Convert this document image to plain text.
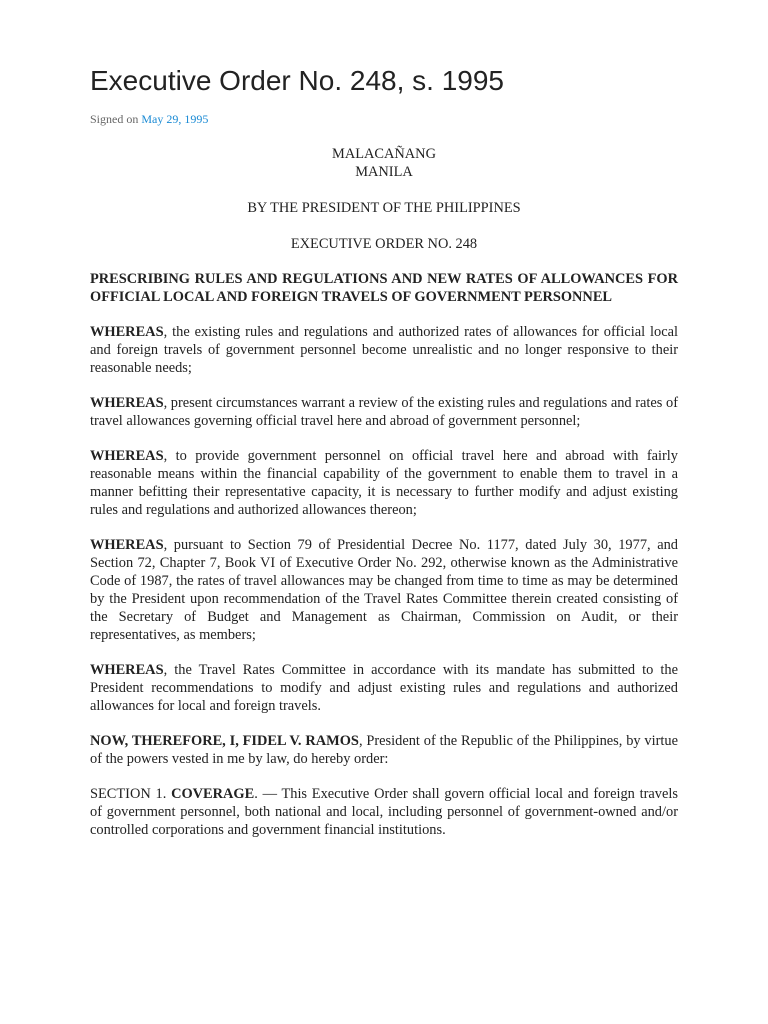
Executive Order No. 248, s. 1995
Signed on May 29, 1995
MALACAÑANG
MANILA
BY THE PRESIDENT OF THE PHILIPPINES
EXECUTIVE ORDER NO. 248

PRESCRIBING RULES AND REGULATIONS AND NEW RATES OF ALLOWANCES FOR OFFICIAL LOCAL AND FOREIGN TRAVELS OF GOVERNMENT PERSONNEL

WHEREAS, the existing rules and regulations and authorized rates of allowances for official local and foreign travels of government personnel become unrealistic and no longer responsive to their reasonable needs;

WHEREAS, present circumstances warrant a review of the existing rules and regulations and rates of travel allowances governing official travel here and abroad of government personnel;

WHEREAS, to provide government personnel on official travel here and abroad with fairly reasonable means within the financial capability of the government to enable them to travel in a manner befitting their representative capacity, it is necessary to further modify and adjust existing rules and regulations and authorized allowances thereon;

WHEREAS, pursuant to Section 79 of Presidential Decree No. 1177, dated July 30, 1977, and Section 72, Chapter 7, Book VI of Executive Order No. 292, otherwise known as the Administrative Code of 1987, the rates of travel allowances may be changed from time to time as may be determined by the President upon recommendation of the Travel Rates Committee therein created consisting of the Secretary of Budget and Management as Chairman, Commission on Audit, or their representatives, as members;

WHEREAS, the Travel Rates Committee in accordance with its mandate has submitted to the President recommendations to modify and adjust existing rules and regulations and authorized allowances for local and foreign travels.

NOW, THEREFORE, I, FIDEL V. RAMOS, President of the Republic of the Philippines, by virtue of the powers vested in me by law, do hereby order:

SECTION 1. COVERAGE. — This Executive Order shall govern official local and foreign travels of government personnel, both national and local, including personnel of government-owned and/or controlled corporations and government financial institutions.
